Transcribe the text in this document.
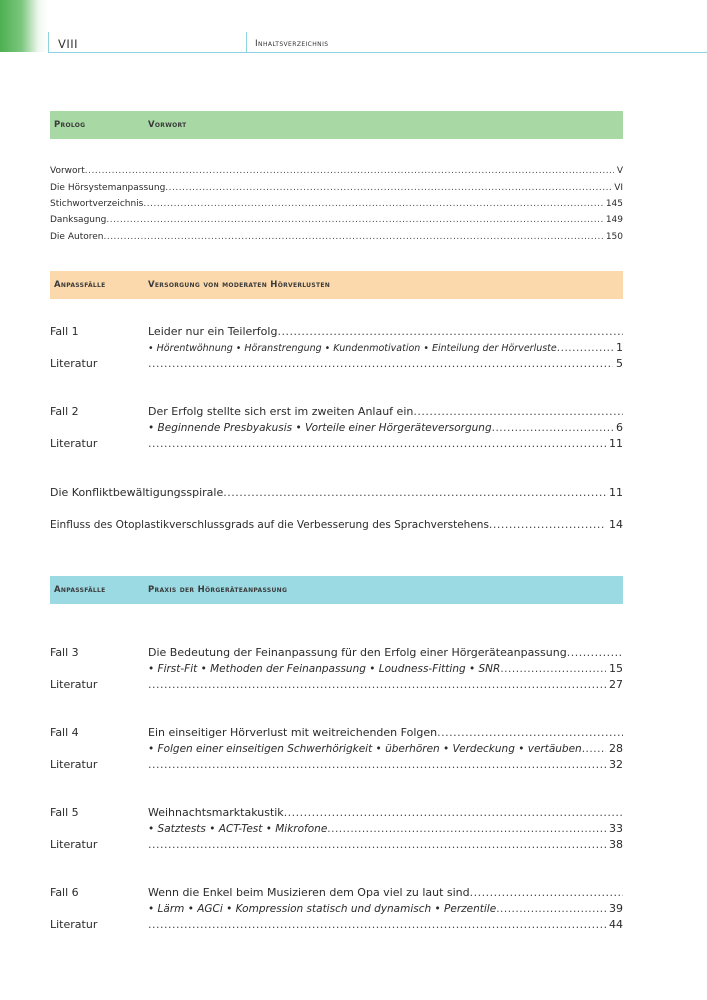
VIII	Inhaltsverzeichnis
Prolog	Vorwort
Vorwort .....	V
Die Hörsystemanpassung .....	VI
Stichwortverzeichnis .....	145
Danksagung .....	149
Die Autoren .....	150
Anpassfälle	Versorgung von moderaten Hörverlusten
Fall 1	Leider nur ein Teilerfolg
.....
• Hörentwöhnung • Höranstrengung • Kundenmotivation • Einteilung der Hörverluste .....	1
Literatur .....	5
Fall 2	Der Erfolg stellte sich erst im zweiten Anlauf ein
.....
• Beginnende Presbyakusis • Vorteile einer Hörgeräteversorgung .....	6
Literatur .....	11
Die Konfliktbewältigungsspirale .....	11
Einfluss des Otoplastikverschlussgrads auf die Verbesserung des Sprachverstehens .....	14
Anpassfälle	Praxis der Hörgeräteanpassung
Fall 3	Die Bedeutung der Feinanpassung für den Erfolg einer Hörgeräteanpassung
.....
• First-Fit • Methoden der Feinanpassung • Loudness-Fitting • SNR .....	15
Literatur .....	27
Fall 4	Ein einseitiger Hörverlust mit weitreichenden Folgen
.....
• Folgen einer einseitigen Schwerhörigkeit • überhören • Verdeckung • vertäuben ..... 28
Literatur .....	32
Fall 5	Weihnachtsmarktakustik
.....
• Satztests • ACT-Test • Mikrofone .....	33
Literatur .....	38
Fall 6	Wenn die Enkel beim Musizieren dem Opa viel zu laut sind
.....
• Lärm • AGCi • Kompression statisch und dynamisch • Perzentile .....	39
Literatur .....	44
